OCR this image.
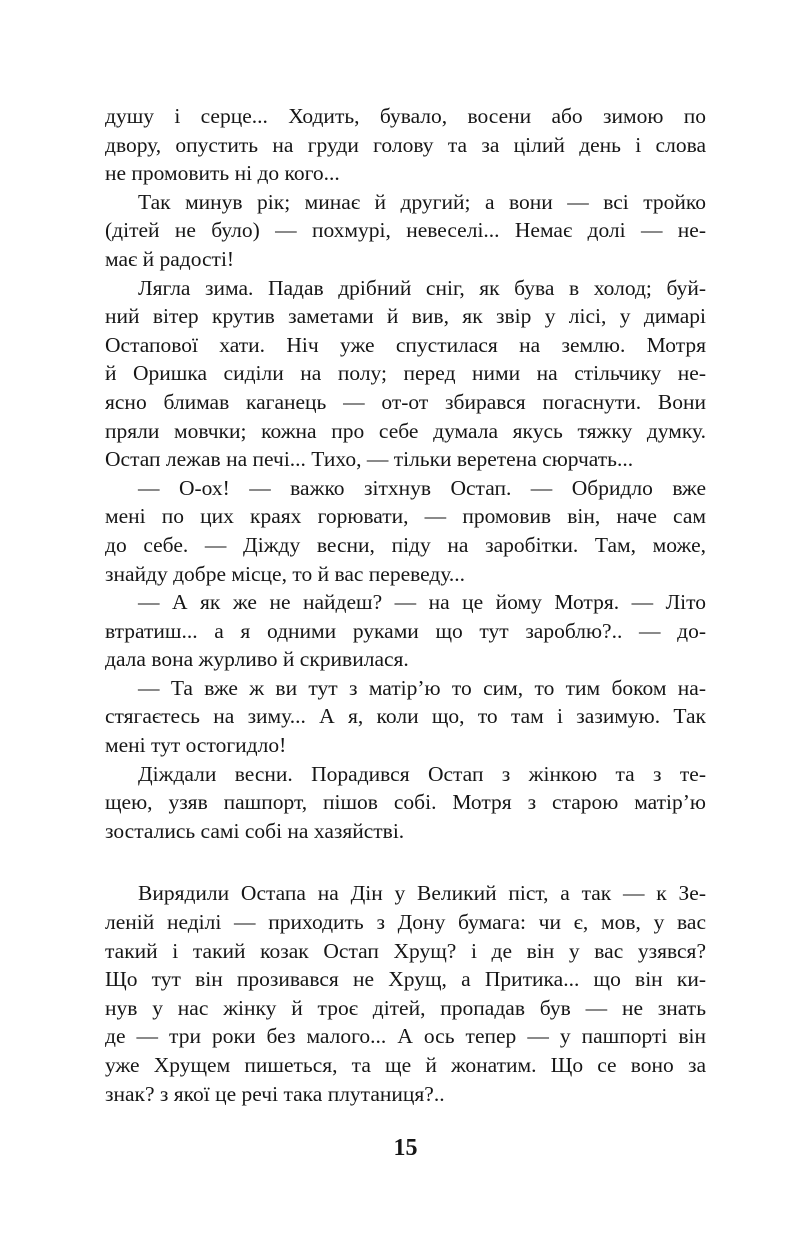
душу і серце... Ходить, бувало, восени або зимою по
двору, опустить на груди голову та за цілий день і слова
не промовить ні до кого...
Так минув рік; минає й другий; а вони — всі тройко
(дітей не було) — похмурі, невеселі... Немає долі — не-
має й радості!
Лягла зима. Падав дрібний сніг, як бува в холод; буй-
ний вітер крутив заметами й вив, як звір у лісі, у димарі
Остапової хати. Ніч уже спустилася на землю. Мотря
й Оришка сиділи на полу; перед ними на стільчику не-
ясно блимав каганець — от-от збирався погаснути. Вони
пряли мовчки; кожна про себе думала якусь тяжку думку.
Остап лежав на печі... Тихо, — тільки веретена сюрчать...
— О-ох! — важко зітхнув Остап. — Обридло вже
мені по цих краях горювати, — промовив він, наче сам
до себе. — Діжду весни, піду на заробітки. Там, може,
знайду добре місце, то й вас переведу...
— А як же не найдеш? — на це йому Мотря. — Літо
втратиш... а я одними руками що тут зароблю?.. — до-
дала вона журливо й скривилася.
— Та вже ж ви тут з матір’ю то сим, то тим боком на-
стягаєтесь на зиму... А я, коли що, то там і зазимую. Так
мені тут остогидло!
Діждали весни. Порадився Остап з жінкою та з те-
щею, узяв пашпорт, пішов собі. Мотря з старою матір’ю
зостались самі собі на хазяйстві.
Вирядили Остапа на Дін у Великий піст, а так — к Зе-
леній неділі — приходить з Дону бумага: чи є, мов, у вас
такий і такий козак Остап Хрущ? і де він у вас узявся?
Що тут він прозивався не Хрущ, а Притика... що він ки-
нув у нас жінку й троє дітей, пропадав був — не знать
де — три роки без малого... А ось тепер — у пашпорті він
уже Хрущем пишеться, та ще й жонатим. Що се воно за
знак? з якої це речі така плутаниця?..
15
